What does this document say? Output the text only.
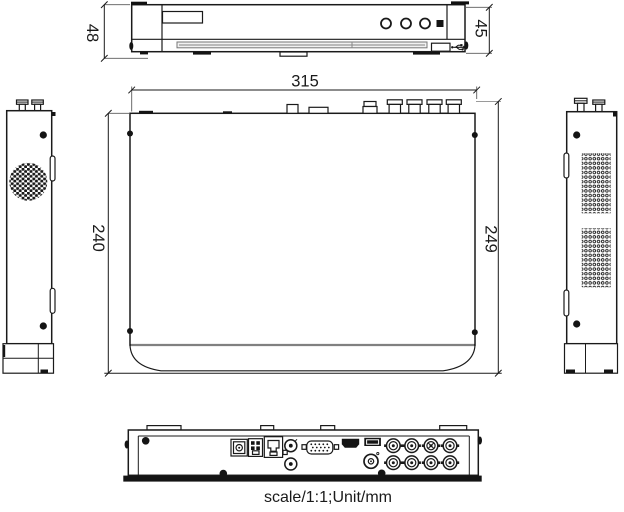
48	45
315
240	249
scale/1:1;Unit/mm
